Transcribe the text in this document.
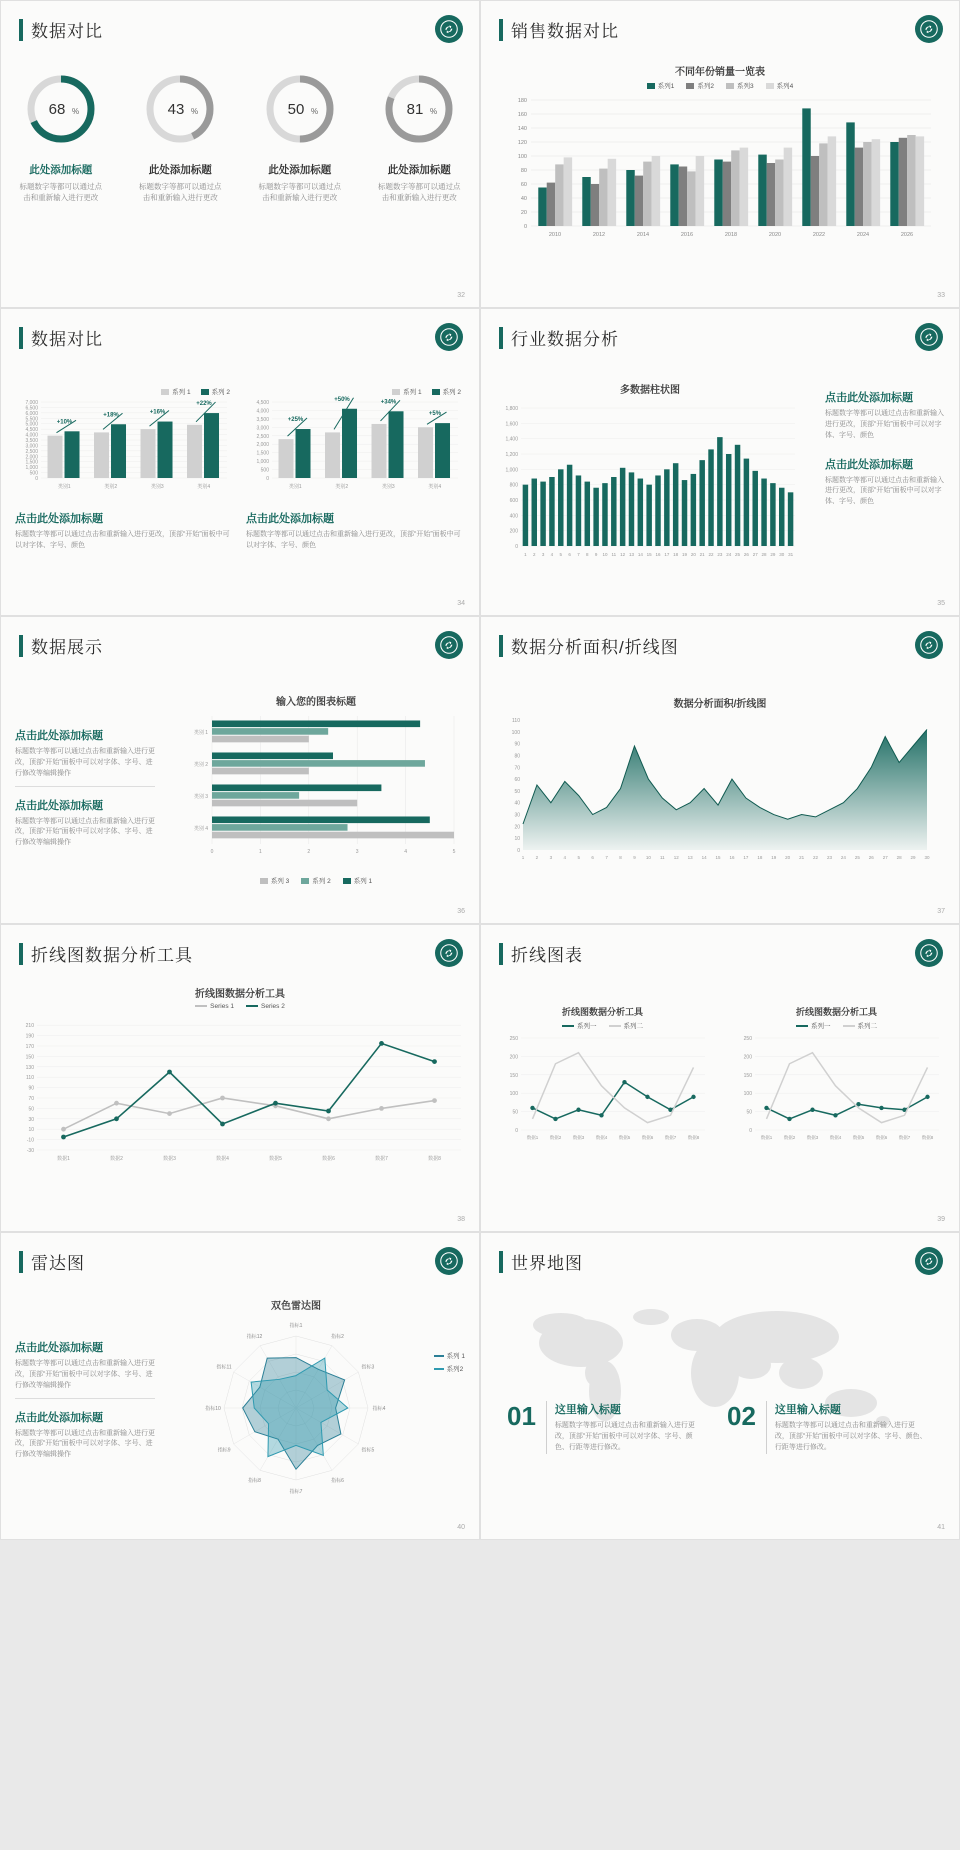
数据对比
68 %
此处添加标题
标题数字等都可以通过点击和重新输入进行更改
43 %
此处添加标题
标题数字等都可以通过点击和重新输入进行更改
50 %
此处添加标题
标题数字等都可以通过点击和重新输入进行更改
81 %
此处添加标题
标题数字等都可以通过点击和重新输入进行更改
32
销售数据对比
不同年份销量一览表
系列1	系列2	系列3	系列4
180
160
140
120
100
80
60
40
20
0
2010	2012	2014	2016	2018	2020	2022	2024	2026
33
数据对比
系列 1	系列 2
7,000
6,500
6,000
5,500
5,000
4,500
4,000
3,500
3,000
2,500
2,000
1,500
1,000
500
0
类别1	类别2	类别3	类别4
+10%
+18%	+16%
+22%
点击此处添加标题
标题数字等都可以通过点击和重新输入进行更改，顶部“开始”面板中可以对字体、字号、颜色
系列 1	系列 2
4,500
4,000
3,500
3,000
2,500
2,000
1,500
1,000
500
0
类别1	类别2	类别3	类别4
+25%
+50%	+34%
+5%
点击此处添加标题
标题数字等都可以通过点击和重新输入进行更改，顶部“开始”面板中可以对字体、字号、颜色
34
行业数据分析
多数据柱状图
0
200
400
600
800
1,000
1,200
1,400
1,600
1,800
1 2 3 4 5 6 7 8 9 10 11 12 13 14 15 16 17 18 19 20 21 22 23 24 25 26 27 28 29 30 31
点击此处添加标题
标题数字等都可以通过点击和重新输入进行更改，顶部“开始”面板中可以对字体、字号、颜色
点击此处添加标题
标题数字等都可以通过点击和重新输入进行更改，顶部“开始”面板中可以对字体、字号、颜色
35
数据展示
点击此处添加标题
标题数字等都可以通过点击和重新输入进行更改，顶部“开始”面板中可以对字体、字号、进行修改等编辑操作
点击此处添加标题
标题数字等都可以通过点击和重新输入进行更改，顶部“开始”面板中可以对字体、字号、进行修改等编辑操作
输入您的图表标题
类别 1
类别 2
类别 3
类别 4
0	1	2	3	4	5
系列 3	系列 2	系列 1
36
数据分析面积/折线图
数据分析面积/折线图
0
10
20
30
40
50
60
70
80
90
100
110
1	2	3	4	5	6	7	8	9 10 11 12 13 14 15 16 17 18 19 20 21 22 23 24 25 26 27 28 29 30
37
折线图数据分析工具
折线图数据分析工具
Series 1	Series 2
-30
-10
10
30
50
70
90
110
130
150
170
190
210
数据1	数据2	数据3	数据4	数据5	数据6	数据7	数据8
38
折线图表
折线图数据分析工具
系列一	系列二
0
50
100
150
200
250
数据1	数据2	数据3	数据4	数据5	数据6	数据7	数据8
折线图数据分析工具
系列一	系列二
0
50
100
150
200
250
数据1	数据2	数据3	数据4	数据5	数据6	数据7	数据8
39
雷达图
点击此处添加标题
标题数字等都可以通过点击和重新输入进行更改，顶部“开始”面板中可以对字体、字号、进行修改等编辑操作
点击此处添加标题
标题数字等都可以通过点击和重新输入进行更改，顶部“开始”面板中可以对字体、字号、进行修改等编辑操作
双色雷达图
指标1
指标2
指标3
指标4
指标5
指标6
指标7
指标8
指标9
指标10
指标11
指标12
系列 1
系列2
40
世界地图
01 这里输入标题
标题数字等都可以通过点击和重新输入进行更改，顶部“开始”面板中可以对字体、字号、颜色、行距等进行修改。
02 这里输入标题
标题数字等都可以通过点击和重新输入进行更改，顶部“开始”面板中可以对字体、字号、颜色、行距等进行修改。
41
